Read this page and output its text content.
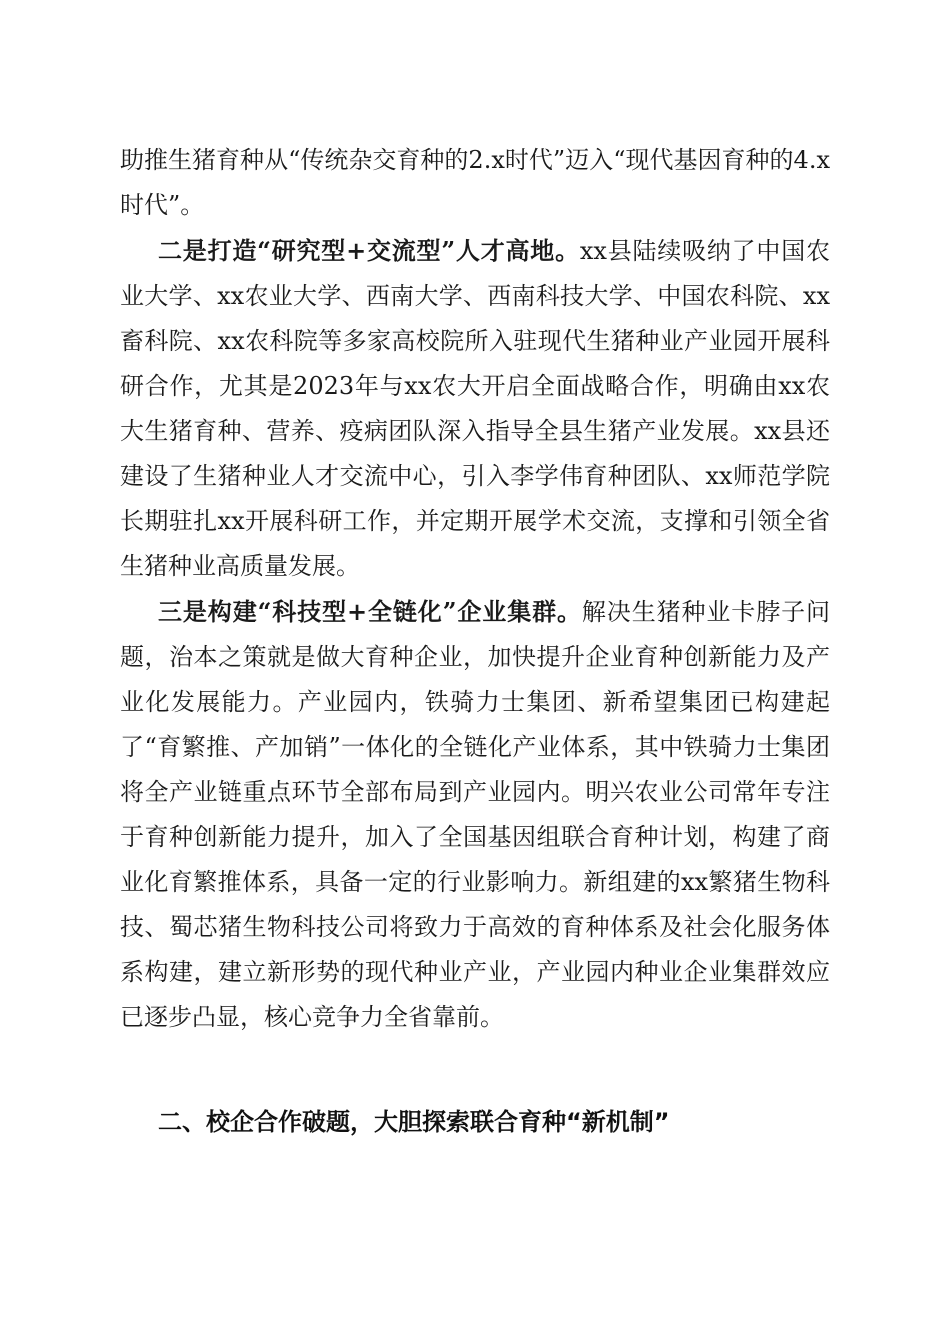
助推生猪育种从“传统杂交育种的2.x时代”迈入“现代基因育种的4.x时代”。

二是打造“研究型+交流型”人才高地。xx县陆续吸纳了中国农业大学、xx农业大学、西南大学、西南科技大学、中国农科院、xx畜科院、xx农科院等多家高校院所入驻现代生猪种业产业园开展科研合作，尤其是2023年与xx农大开启全面战略合作，明确由xx农大生猪育种、营养、疫病团队深入指导全县生猪产业发展。xx县还建设了生猪种业人才交流中心，引入李学伟育种团队、xx师范学院长期驻扎xx开展科研工作，并定期开展学术交流，支撑和引领全省生猪种业高质量发展。

三是构建“科技型+全链化”企业集群。解决生猪种业卡脖子问题，治本之策就是做大育种企业，加快提升企业育种创新能力及产业化发展能力。产业园内，铁骑力士集团、新希望集团已构建起了“育繁推、产加销”一体化的全链化产业体系，其中铁骑力士集团将全产业链重点环节全部布局到产业园内。明兴农业公司常年专注于育种创新能力提升，加入了全国基因组联合育种计划，构建了商业化育繁推体系，具备一定的行业影响力。新组建的xx繁猪生物科技、蜀芯猪生物科技公司将致力于高效的育种体系及社会化服务体系构建，建立新形势的现代种业产业，产业园内种业企业集群效应已逐步凸显，核心竞争力全省靠前。

二、校企合作破题，大胆探索联合育种“新机制”
